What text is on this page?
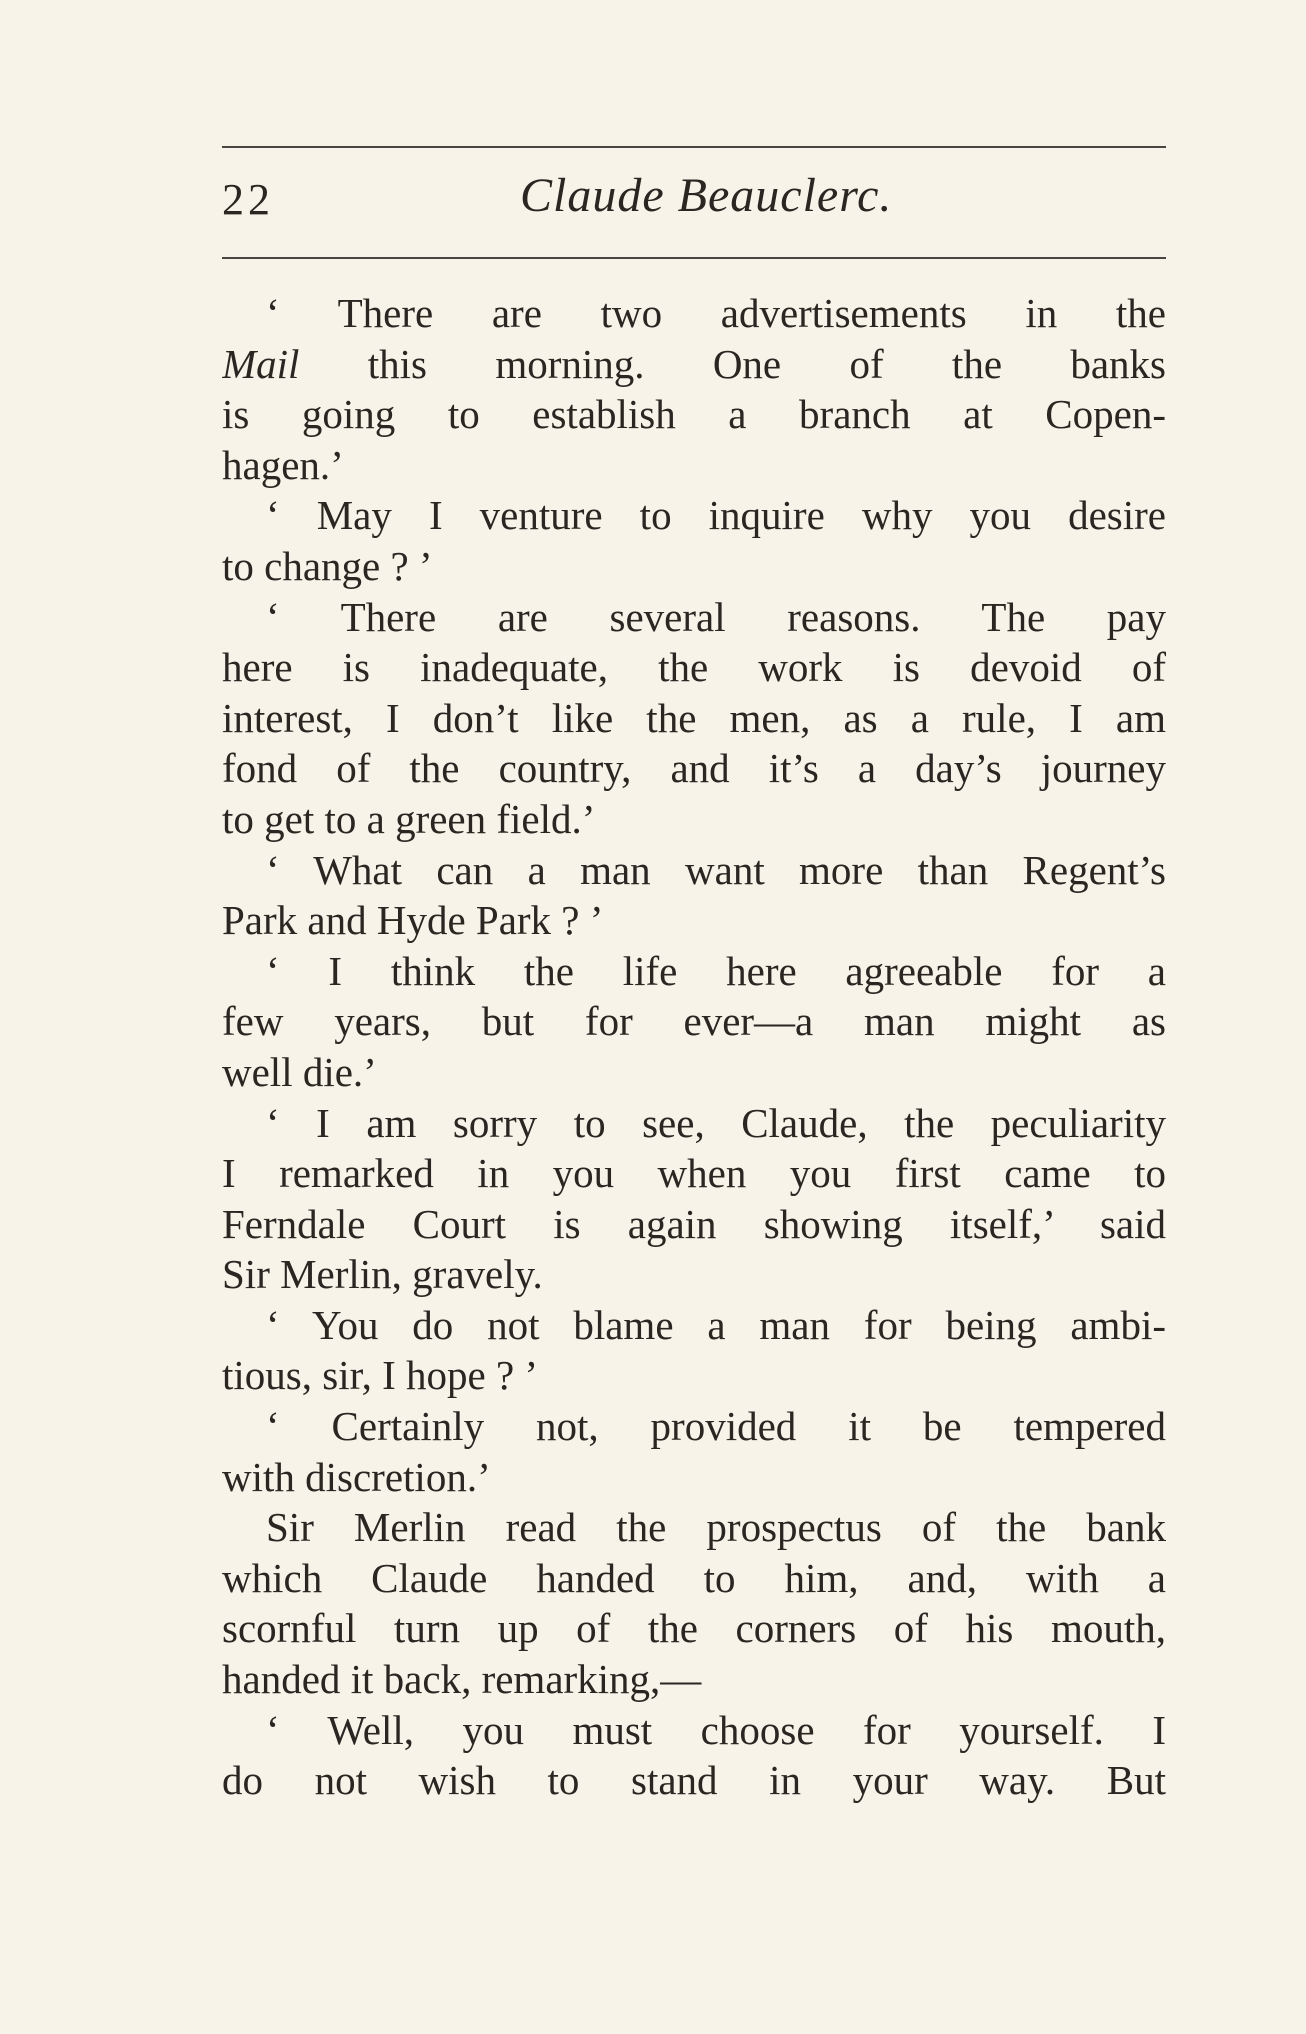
22	Claude Beauclerc.
‘ There are two advertisements in the
Mail this morning. One of the banks
is going to establish a branch at Copen-
hagen.’
‘ May I venture to inquire why you desire
to change ? ’
‘ There are several reasons. The pay
here is inadequate, the work is devoid of
interest, I don’t like the men, as a rule, I am
fond of the country, and it’s a day’s journey
to get to a green field.’
‘ What can a man want more than Regent’s
Park and Hyde Park ? ’
‘ I think the life here agreeable for a
few years, but for ever—a man might as
well die.’
‘ I am sorry to see, Claude, the peculiarity
I remarked in you when you first came to
Ferndale Court is again showing itself,’ said
Sir Merlin, gravely.
‘ You do not blame a man for being ambi-
tious, sir, I hope ? ’
‘ Certainly not, provided it be tempered
with discretion.’
Sir Merlin read the prospectus of the bank
which Claude handed to him, and, with a
scornful turn up of the corners of his mouth,
handed it back, remarking,—
‘ Well, you must choose for yourself. I
do not wish to stand in your way. But
